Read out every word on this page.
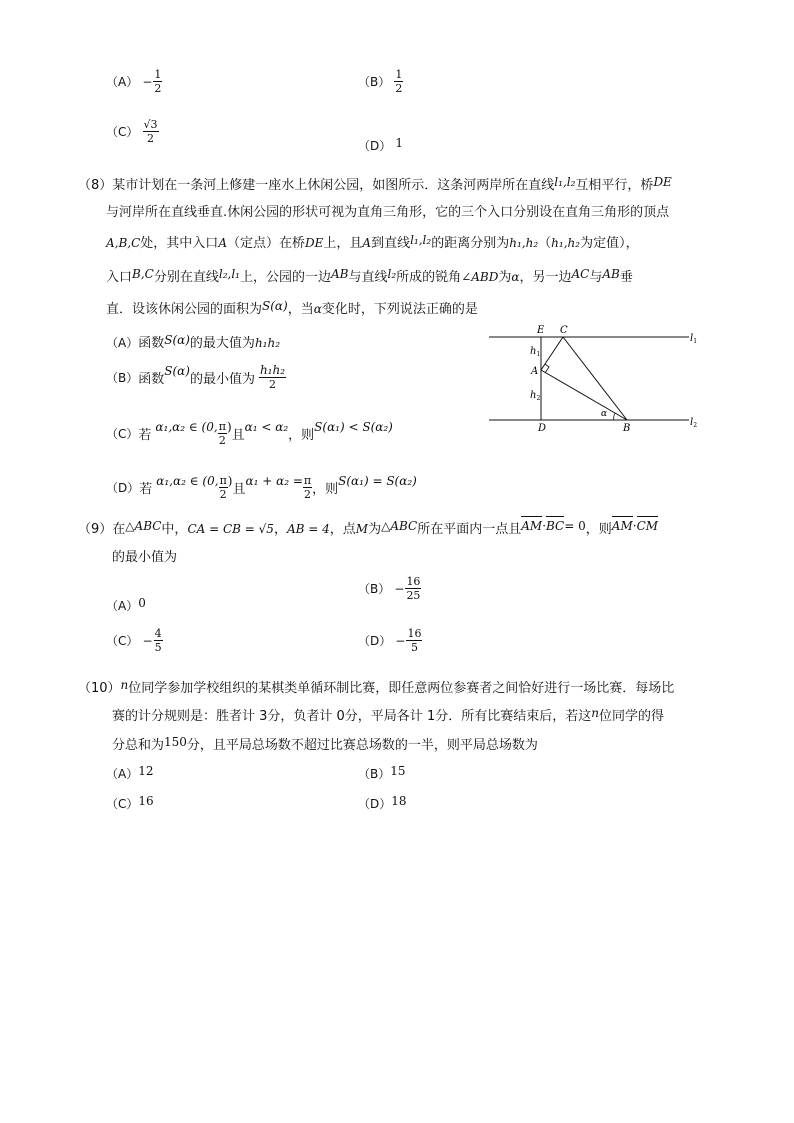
$(A) - \frac{1}{2}$	$(B) \frac{1}{2}$
$(C) \frac{√3}{2}$
（D） 1
（8）某市计划在一条河上修建一座水上休闲公园，如图所示．这条河两岸所在直线l₁,l₂互相平行，桥DE
与河岸所在直线垂直.休闲公园的形状可视为直角三角形，它的三个入口分别设在直角三角形的顶点
A,B,C处，其中入口A（定点）在桥DE上，且A到直线l₁,l₂的距离分别为h₁,h₂（h₁,h₂为定值），
入口B,C分别在直线l₂,l₁上，公园的一边AB与直线l₂所成的锐角∠ABD为α，另一边AC与AB垂
直．设该休闲公园的面积为S(α)，当α变化时，下列说法正确的是
（A）函数S(α)的最大值为h₁h₂
（B）函数S(α)的最小值为 $\frac{\text{h₁h₂}}{2}$
（C）若α₁,α₂ ∈ (0, $\frac{\pi}{2}$ )且α₁ < α₂，则S(α₁) < S(α₂)
（D）若α₁,α₂ ∈ (0, $\frac{\pi}{2}$ )且$\alpha_1 + \alpha_2 = \frac{\pi}{2}$ ，则S(α₁) = S(α₂)
E C
$l_1$
$h_1$
A
$h_2$
D	B
α
$l_2$
（9）在△ABC中，CA = CB = √5，AB = 4，点M为△ABC所在平面内一点且AM·BC= 0，则AM·CM
的最小值为
（A）0
$(B) - \frac{16}{25}$
$(C) - \frac{4}{5}$	$(D) - \frac{16}{5}$
（10）n位同学参加学校组织的某棋类单循环制比赛，即任意两位参赛者之间恰好进行一场比赛．每场比
赛的计分规则是：胜者计 3分，负者计 0分，平局各计 1分．所有比赛结束后，若这n位同学的得
分总和为150分，且平局总场数不超过比赛总场数的一半，则平局总场数为
（A）12	（B）15
（C）16	（D）18
